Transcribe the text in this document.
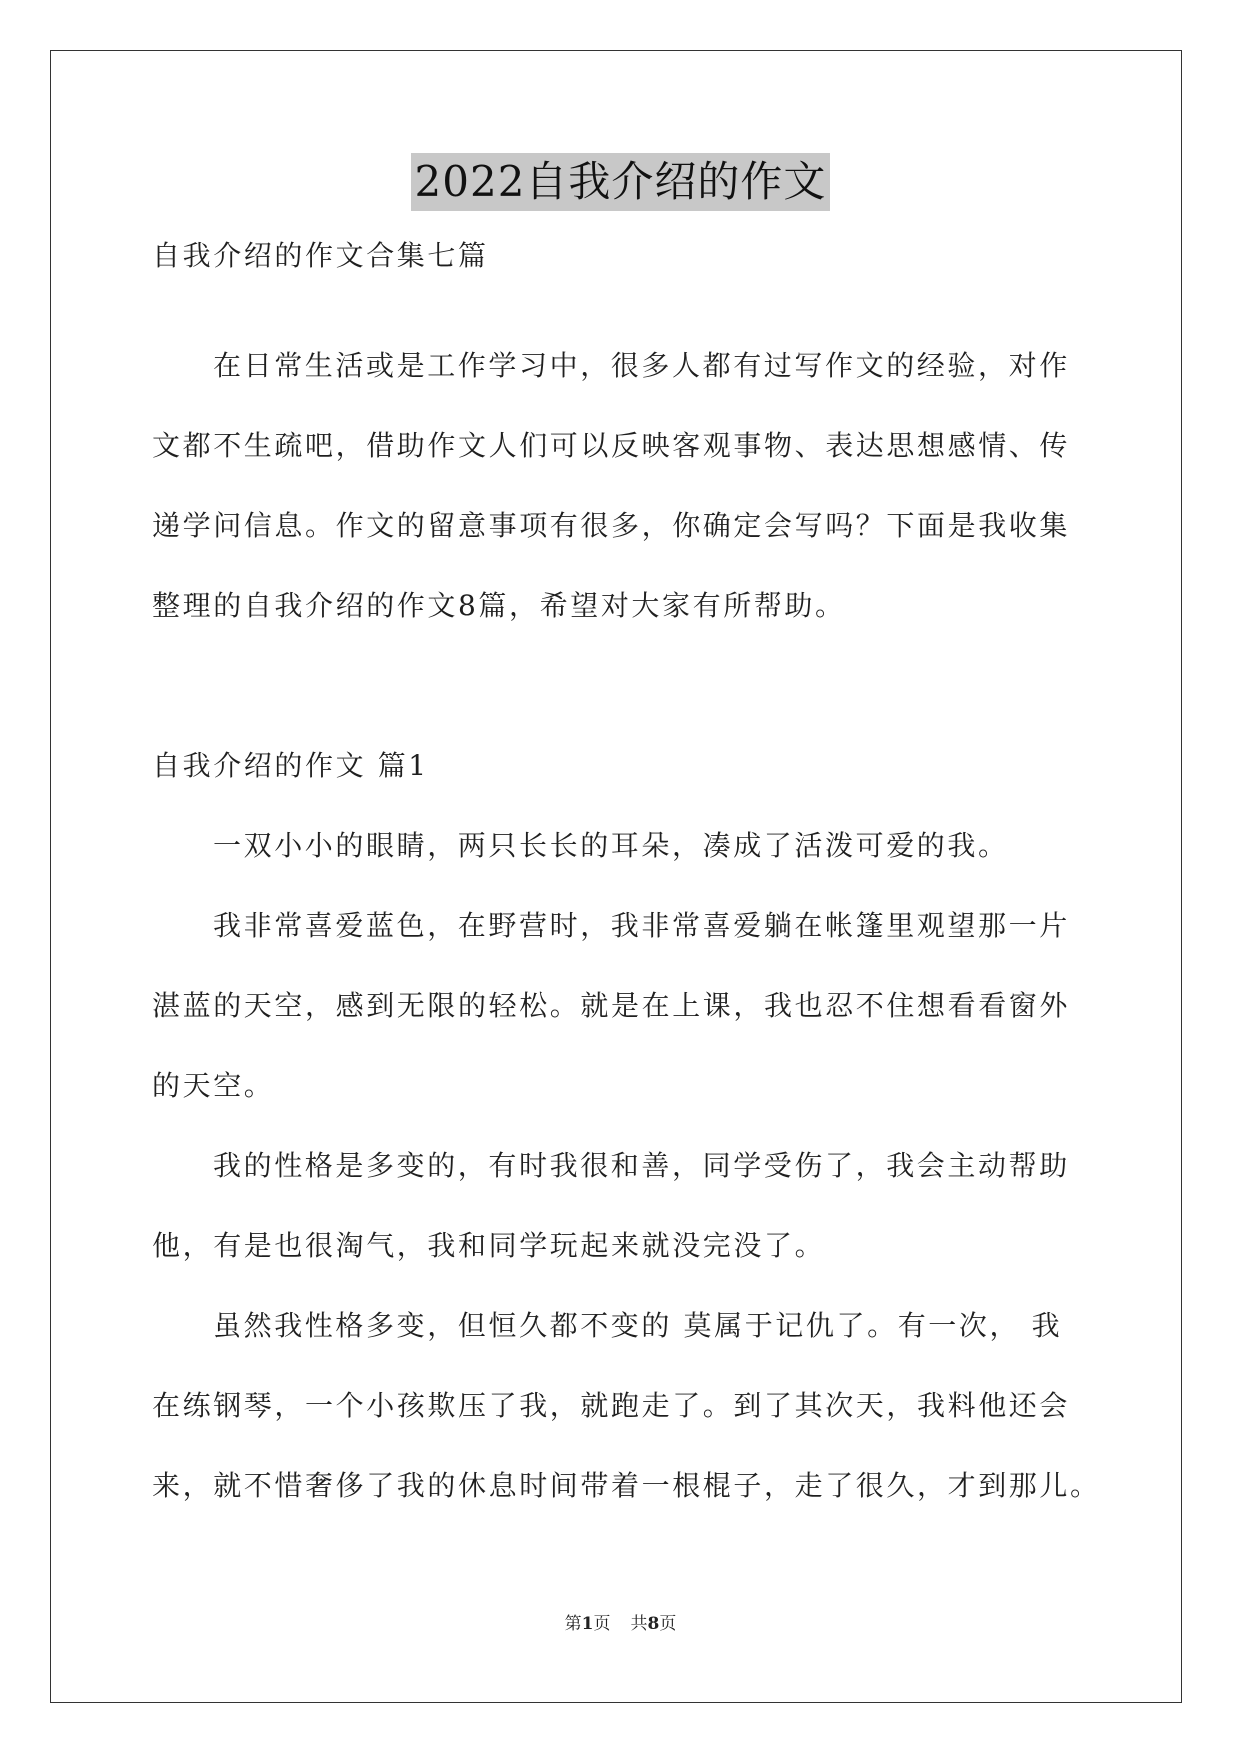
2022自我介绍的作文
自我介绍的作文合集七篇
在日常生活或是工作学习中，很多人都有过写作文的经验，对作
文都不生疏吧，借助作文人们可以反映客观事物、表达思想感情、传
递学问信息。作文的留意事项有很多，你确定会写吗？下面是我收集
整理的自我介绍的作文8篇，希望对大家有所帮助。
自我介绍的作文 篇1
一双小小的眼睛，两只长长的耳朵，凑成了活泼可爱的我。
我非常喜爱蓝色，在野营时，我非常喜爱躺在帐篷里观望那一片
湛蓝的天空，感到无限的轻松。就是在上课，我也忍不住想看看窗外
的天空。
我的性格是多变的，有时我很和善，同学受伤了，我会主动帮助
他，有是也很淘气，我和同学玩起来就没完没了。
虽然我性格多变，但恒久都不变的 莫属于记仇了。有一次， 我
在练钢琴，一个小孩欺压了我，就跑走了。到了其次天，我料他还会
来，就不惜奢侈了我的休息时间带着一根棍子，走了很久，才到那儿。
第1页 共8页
